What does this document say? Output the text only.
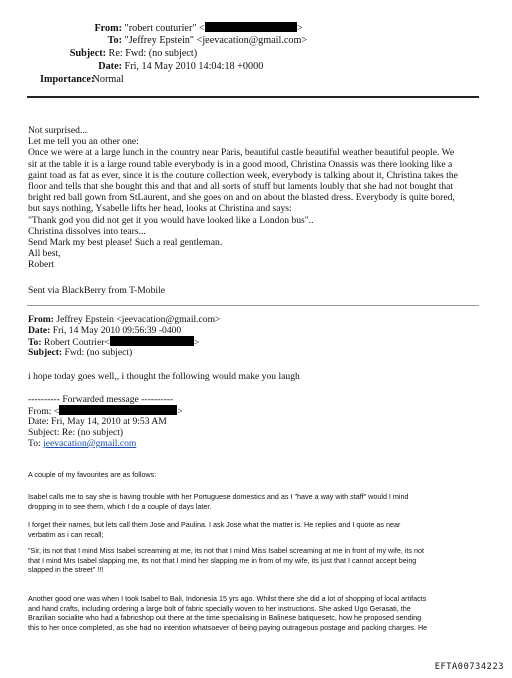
From: "robert couturier" <	>
To: "Jeffrey Epstein" <jeevacation@gmail.com>
Subject: Re: Fwd: (no subject)
Date: Fri, 14 May 2010 14:04:18 +0000
Importance: Normal
Not surprised...
Let me tell you an other one:
Once we were at a large lunch in the country near Paris, beautiful castle beautiful weather beautiful people. We
sit at the table it is a large round table everybody is in a good mood, Christina Onassis was there looking like a
gaint toad as fat as ever, since it is the couture collection week, everybody is talking about it, Christina takes the
floor and tells that she bought this and that and all sorts of stuff but laments loubly that she had not bought that
bright red ball gown from StLaurent, and she goes on and on about the blasted dress. Everybody is quite bored,
but says nothing, Ysabelle lifts her head, looks at Christina and says:
"Thank god you did not get it you would have looked like a London bus"..
Christina dissolves into tears...
Send Mark my best please! Such a real gentleman.
All best,
Robert
Sent via BlackBerry from T-Mobile
From: Jeffrey Epstein <jeevacation@gmail.com>
Date: Fri, 14 May 2010 09:56:39 -0400
To: Robert Coutrier<	>
Subject: Fwd: (no subject)
i hope today goes well,, i thought the following would make you laugh
---------- Forwarded message ----------
From: <	>
Date: Fri, May 14, 2010 at 9:53 AM
Subject: Re: (no subject)
To: jeevacation@gmail.com
A couple of my favourites are as follows:
Isabel calls me to say she is having trouble with her Portuguese domestics and as I "have a way with staff" would I mind
dropping in to see them, which I do a couple of days later.
I forget their names, but lets call them Jose and Paulina. I ask Jose what the matter is. He replies and I quote as near
verbatim as i can recall;
"Sir, its not that I mind Miss Isabel screaming at me, its not that I mind Miss Isabel screaming at me in front of my wife, its not
that I mind Mrs Isabel slapping me, its not that I mind her slapping me in from of my wife, its just that I cannot accept being
slapped in the street" !!!
Another good one was when I took Isabel to Bali, Indonesia 15 yrs ago. Whilst there she did a lot of shopping of local artifacts
and hand crafts, including ordering a large bolt of fabric specially woven to her instructions. She asked Ugo Gerasati, the
Brazilian socialite who had a fabricshop out there at the time specialising in Balinese batiquesetc, how he proposed sending
this to her once completed, as she had no intention whatsoever of being paying outrageous postage and packing charges. He
EFTA00734223
